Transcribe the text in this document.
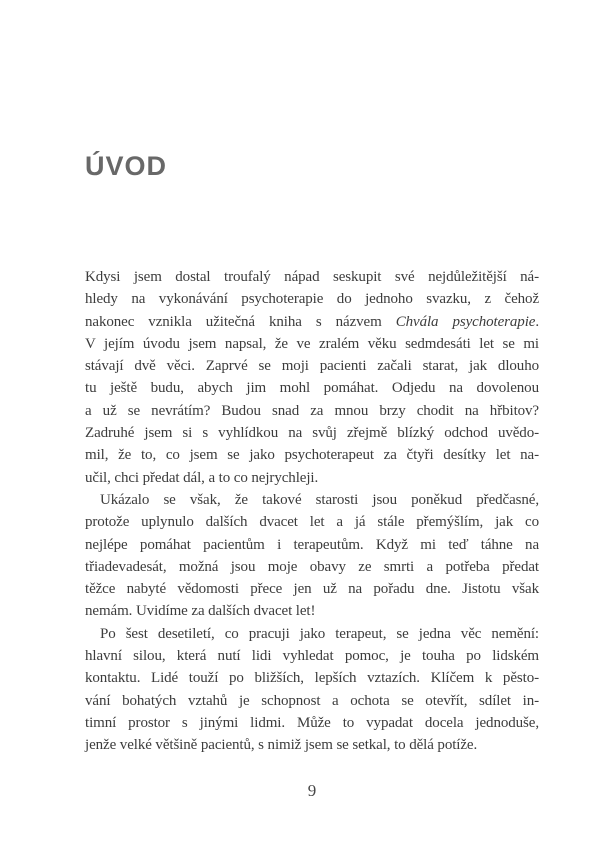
ÚVOD
Kdysi jsem dostal troufalý nápad seskupit své nejdůležitější ná-
hledy na vykonávání psychoterapie do jednoho svazku, z čehož
nakonec vznikla užitečná kniha s názvem Chvála psychoterapie.
V jejím úvodu jsem napsal, že ve zralém věku sedmdesáti let se mi
stávají dvě věci. Zaprvé se moji pacienti začali starat, jak dlouho
tu ještě budu, abych jim mohl pomáhat. Odjedu na dovolenou
a už se nevrátím? Budou snad za mnou brzy chodit na hřbitov?
Zadruhé jsem si s vyhlídkou na svůj zřejmě blízký odchod uvědo-
mil, že to, co jsem se jako psychoterapeut za čtyři desítky let na-
učil, chci předat dál, a to co nejrychleji.
Ukázalo se však, že takové starosti jsou poněkud předčasné,
protože uplynulo dalších dvacet let a já stále přemýšlím, jak co
nejlépe pomáhat pacientům i terapeutům. Když mi teď táhne na
třiadevadesát, možná jsou moje obavy ze smrti a potřeba předat
těžce nabyté vědomosti přece jen už na pořadu dne. Jistotu však
nemám. Uvidíme za dalších dvacet let!
Po šest desetiletí, co pracuji jako terapeut, se jedna věc nemění:
hlavní silou, která nutí lidi vyhledat pomoc, je touha po lidském
kontaktu. Lidé touží po bližších, lepších vztazích. Klíčem k pěsto-
vání bohatých vztahů je schopnost a ochota se otevřít, sdílet in-
timní prostor s jinými lidmi. Může to vypadat docela jednoduše,
jenže velké většině pacientů, s nimiž jsem se setkal, to dělá potíže.
9
